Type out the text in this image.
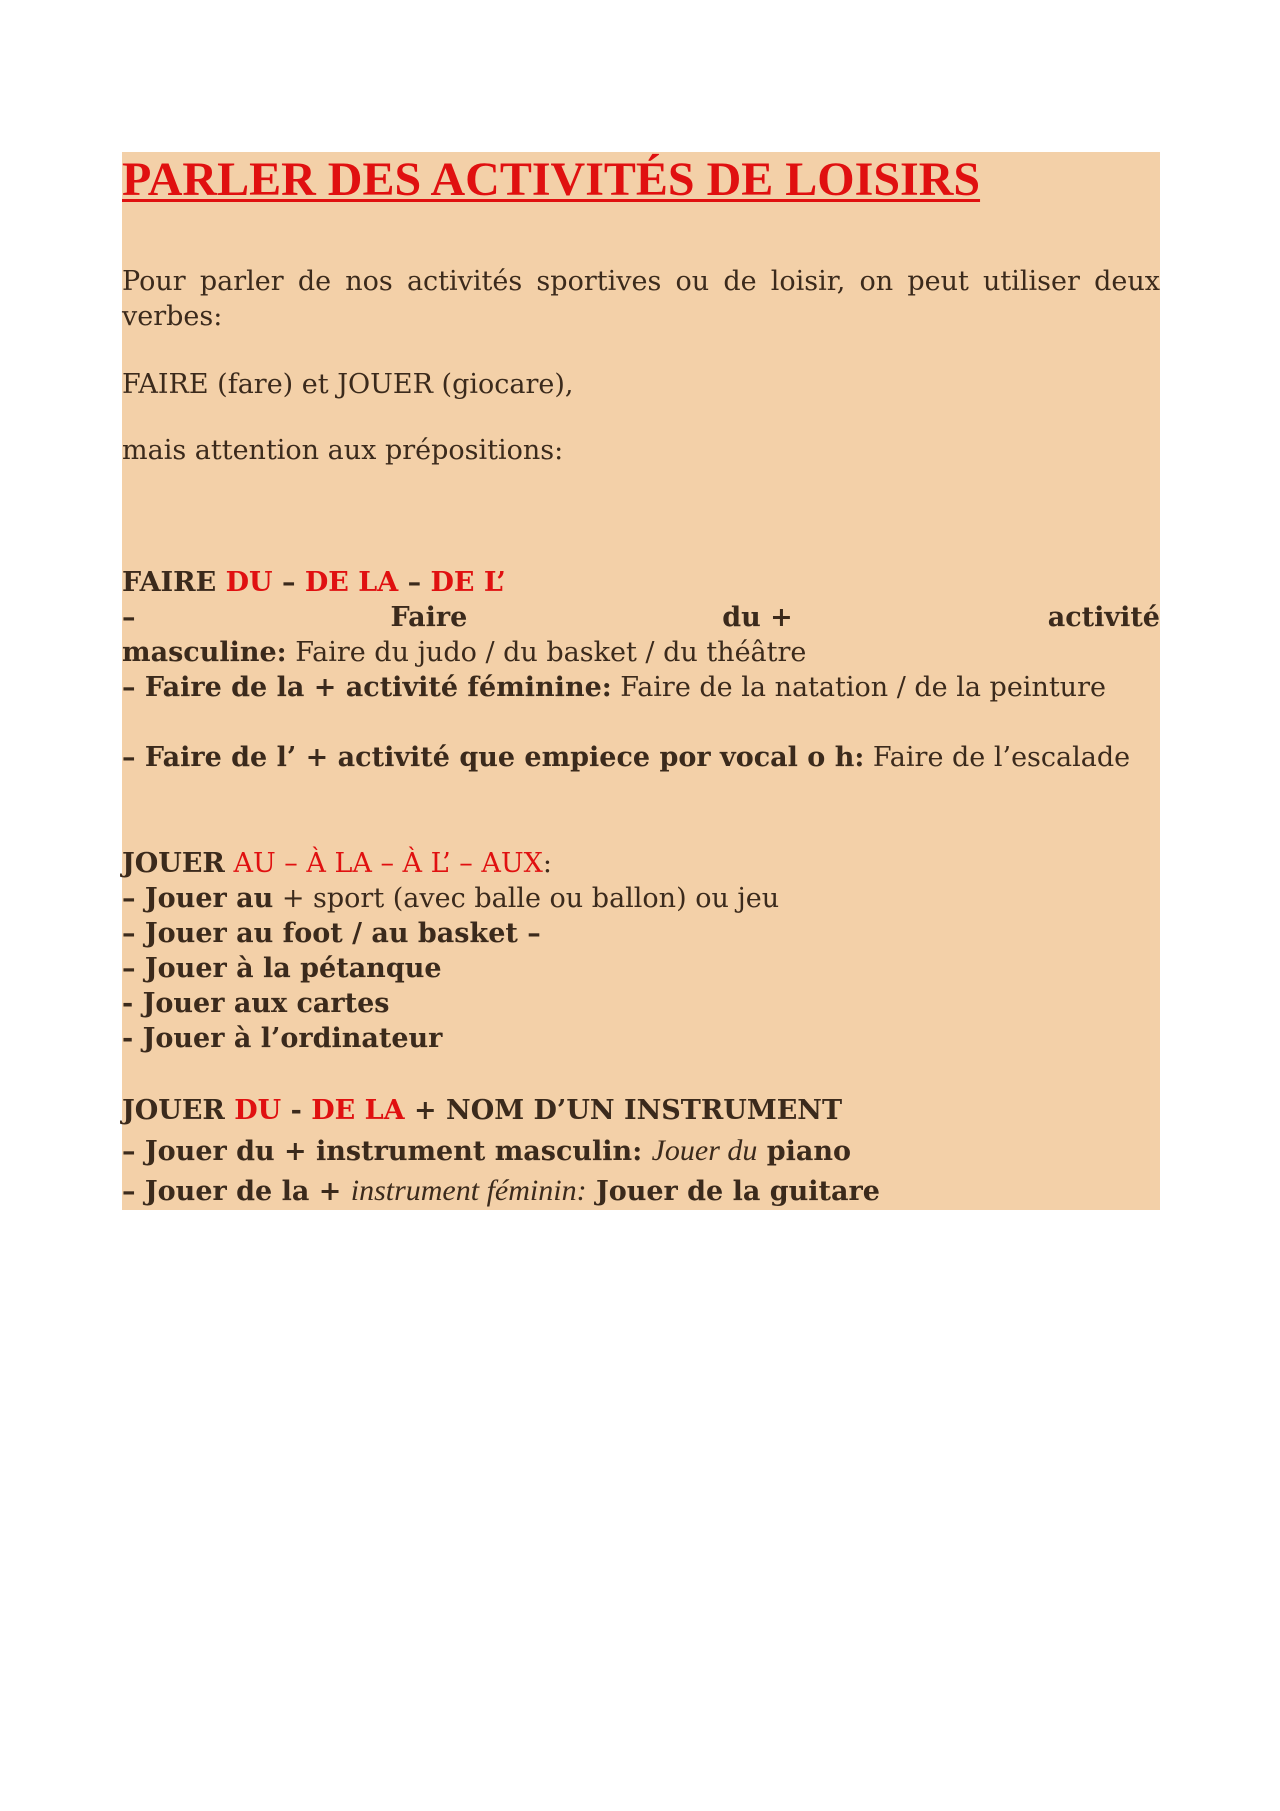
PARLER DES ACTIVITÉS DE LOISIRS

Pour parler de nos activités sportives ou de loisir, on peut utiliser deux verbes:

FAIRE (fare) et JOUER (giocare),

mais attention aux prépositions:

FAIRE DU – DE LA – DE L’

–	Faire	du +	activité

masculine: Faire du judo / du basket / du théâtre

– Faire de la + activité féminine: Faire de la natation / de la peinture

– Faire de l’ + activité que empiece por vocal o h: Faire de l’escalade

JOUER AU – À LA – À L’ – AUX:

– Jouer au + sport (avec balle ou ballon) ou jeu

– Jouer au foot / au basket –

– Jouer à la pétanque

- Jouer aux cartes

- Jouer à l’ordinateur

JOUER DU - DE LA + NOM D’UN INSTRUMENT

– Jouer du + instrument masculin: Jouer du piano

– Jouer de la + instrument féminin: Jouer de la guitare
